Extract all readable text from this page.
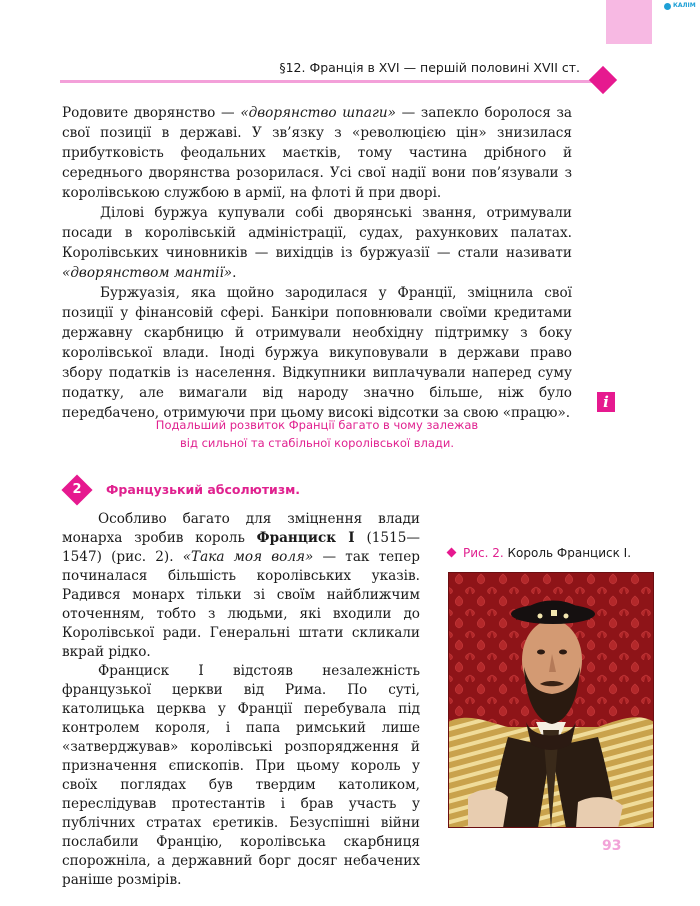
КАЛІМ
§12. Франція в XVI — першій половині XVII ст.

Родовите дворянство — «дворянство шпаги» — запекло боролося за свої позиції в державі. У зв’язку з «революцією цін» знизилася прибутковість феодальних маєтків, тому частина дрібного й середнього дворянства розорилася. Усі свої надії вони пов’язували з королівською службою в армії, на флоті й при дворі.

Ділові буржуа купували собі дворянські звання, отримували посади в королівській адміністрації, судах, рахункових палатах. Королівських чиновників — вихідців із буржуазії — стали називати «дворянством мантії».

Буржуазія, яка щойно зародилася у Франції, зміцнила свої позиції у фінансовій сфері. Банкіри поповнювали своїми кредитами державну скарбницю й отримували необхідну підтримку з боку королівської влади. Іноді буржуа викуповували в держави право збору податків із населення. Відкупники виплачували наперед суму податку, але вимагали від народу значно більше, ніж було передбачено, отримуючи при цьому високі відсотки за свою «працю».

Подальший розвиток Франції багато в чому залежав
від сильної та стабільної королівської влади.
i
2	Французький абсолютизм.

Особливо багато для зміцнення влади монарха зробив король Франциск I (1515—1547) (рис. 2). «Така моя воля» — так тепер починалася більшість королівських указів. Радився монарх тільки зі своїм найближчим оточенням, тобто з людьми, які входили до Королівської ради. Генеральні штати скликали вкрай рідко.

Франциск I відстояв незалежність французької церкви від Рима. По суті, католицька церква у Франції перебувала під контролем короля, і папа римський лише «затверджував» королівські розпорядження й призначення єпископів. При цьому король у своїх поглядах був твердим католиком, переслідував протестантів і брав участь у публічних стратах єретиків. Безуспішні війни послабили Францію, королівська скарбниця спорожніла, а державний борг досяг небачених раніше розмірів.

Рис. 2. Король Франциск I.
93
